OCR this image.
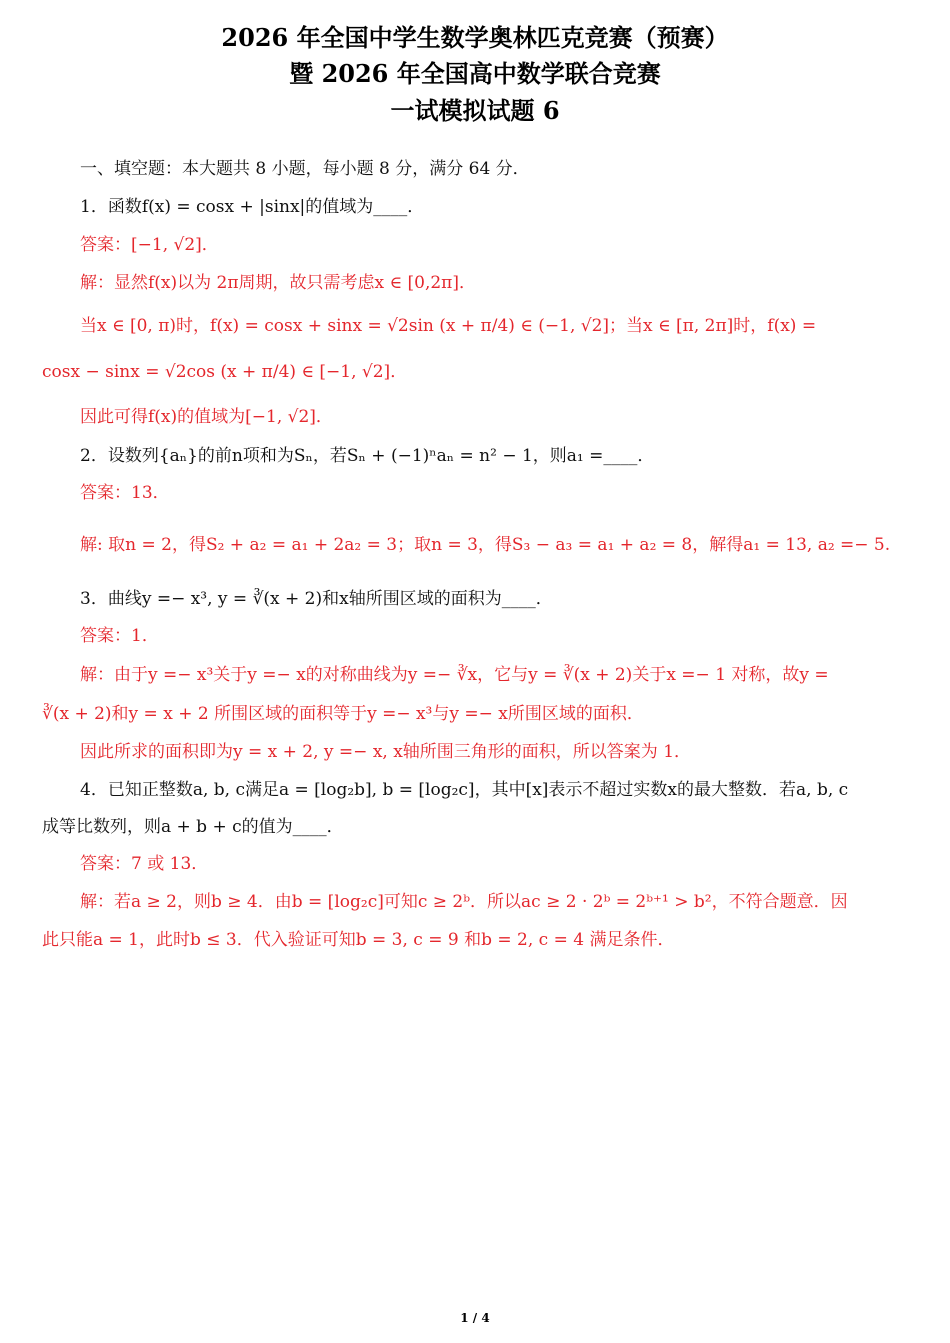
2026 年全国中学生数学奥林匹克竞赛（预赛）
暨 2026 年全国高中数学联合竞赛
一试模拟试题 6
一、填空题：本大题共 8 小题，每小题 8 分，满分 64 分．
1．函数f(x) = cosx + |sinx|的值域为____．
答案：[−1, √2]．
解：显然f(x)以为 2π周期，故只需考虑x ∈ [0,2π]．
当x ∈ [0, π)时，f(x) = cosx + sinx = √2sin (x + π/4) ∈ (−1, √2]；当x ∈ [π, 2π]时，f(x) =
cosx − sinx = √2cos (x + π/4) ∈ [−1, √2]．
因此可得f(x)的值域为[−1, √2]．
2．设数列{aₙ}的前n项和为Sₙ，若Sₙ + (−1)ⁿaₙ = n² − 1，则a₁ =____．
答案：13．
解: 取n = 2，得S₂ + a₂ = a₁ + 2a₂ = 3；取n = 3，得S₃ − a₃ = a₁ + a₂ = 8，解得a₁ = 13, a₂ =− 5.
3．曲线y =− x³, y = ∛(x + 2)和x轴所围区域的面积为____．
答案：1．
解：由于y =− x³关于y =− x的对称曲线为y =− ∛x，它与y = ∛(x + 2)关于x =− 1 对称，故y =
∛(x + 2)和y = x + 2 所围区域的面积等于y =− x³与y =− x所围区域的面积．
因此所求的面积即为y = x + 2, y =− x, x轴所围三角形的面积，所以答案为 1．
4．已知正整数a, b, c满足a = [log₂b], b = [log₂c]，其中[x]表示不超过实数x的最大整数．若a, b, c
成等比数列，则a + b + c的值为____．
答案：7 或 13．
解：若a ≥ 2，则b ≥ 4．由b = [log₂c]可知c ≥ 2ᵇ．所以ac ≥ 2 · 2ᵇ = 2ᵇ⁺¹ > b²，不符合题意．因
此只能a = 1，此时b ≤ 3．代入验证可知b = 3, c = 9 和b = 2, c = 4 满足条件．
1 / 4
